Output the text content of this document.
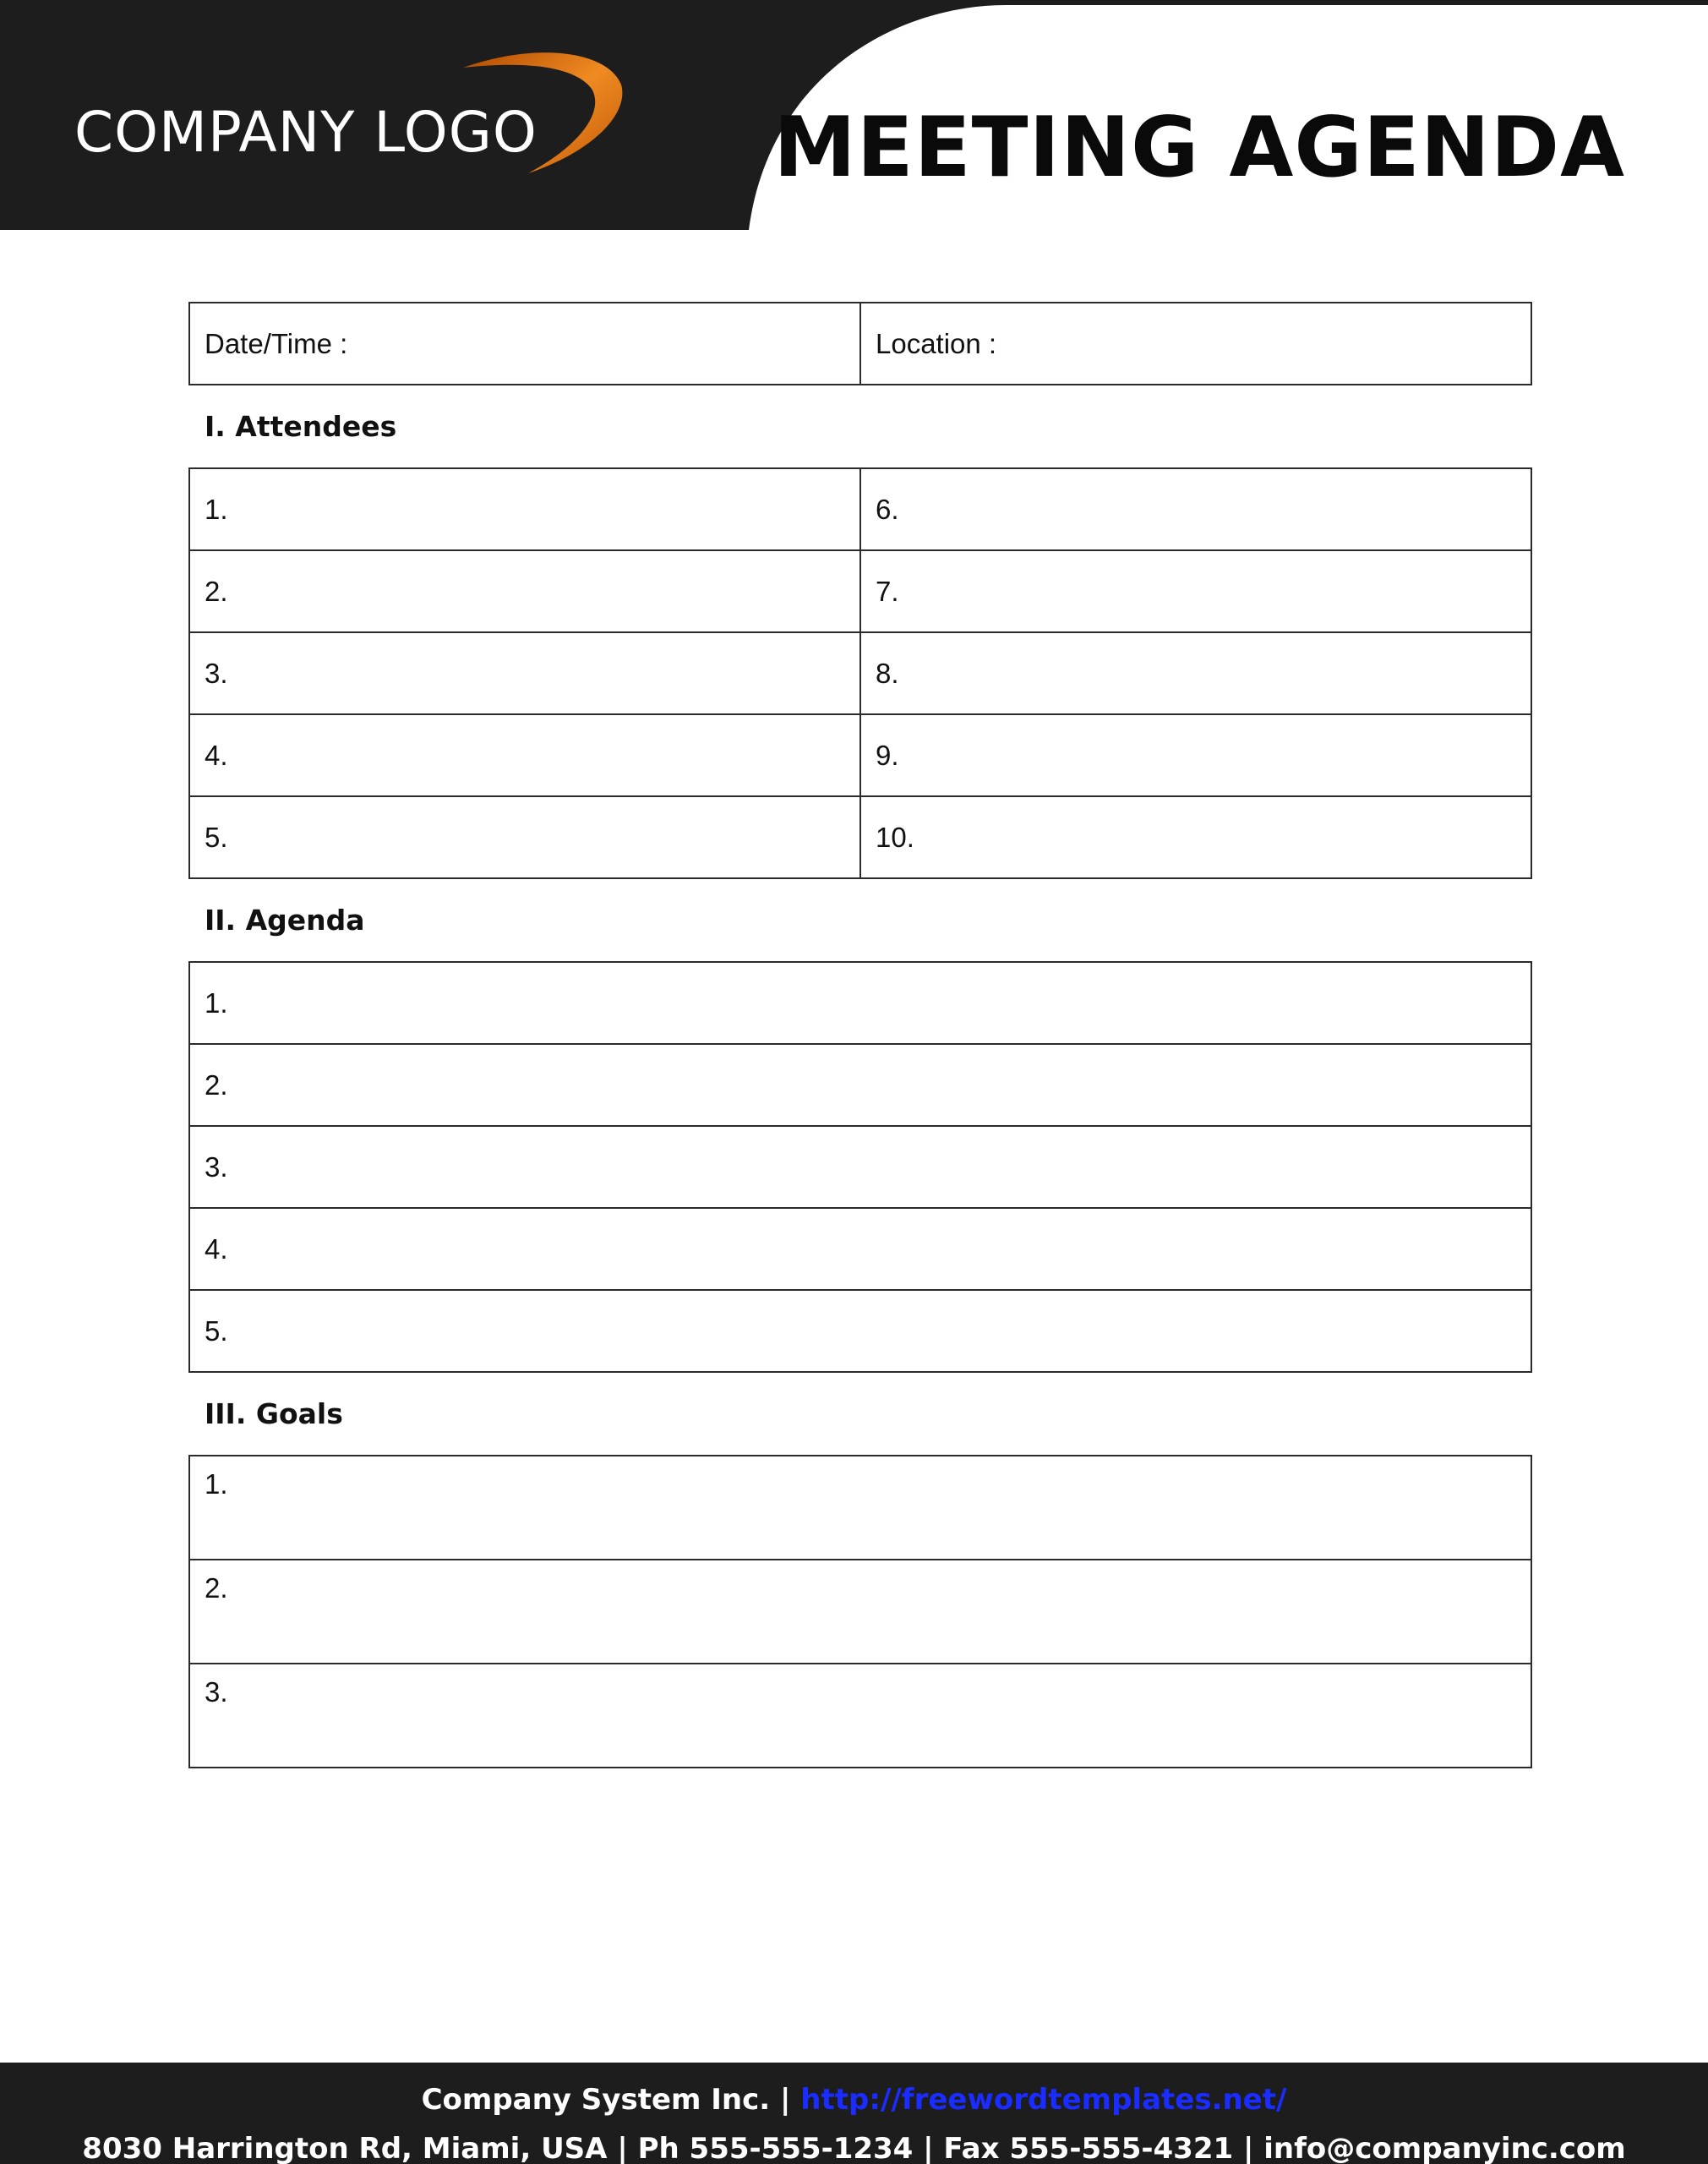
COMPANY LOGO	MEETING AGENDA
Date/Time :	Location :
I. Attendees
1.	6.
2.	7.
3.	8.
4.	9.
5.	10.
II. Agenda
1.
2.
3.
4.
5.
III. Goals
1.
2.
3.
Company System Inc. | http://freewordtemplates.net/
8030 Harrington Rd, Miami, USA | Ph 555-555-1234 | Fax 555-555-4321 | info@companyinc.com
